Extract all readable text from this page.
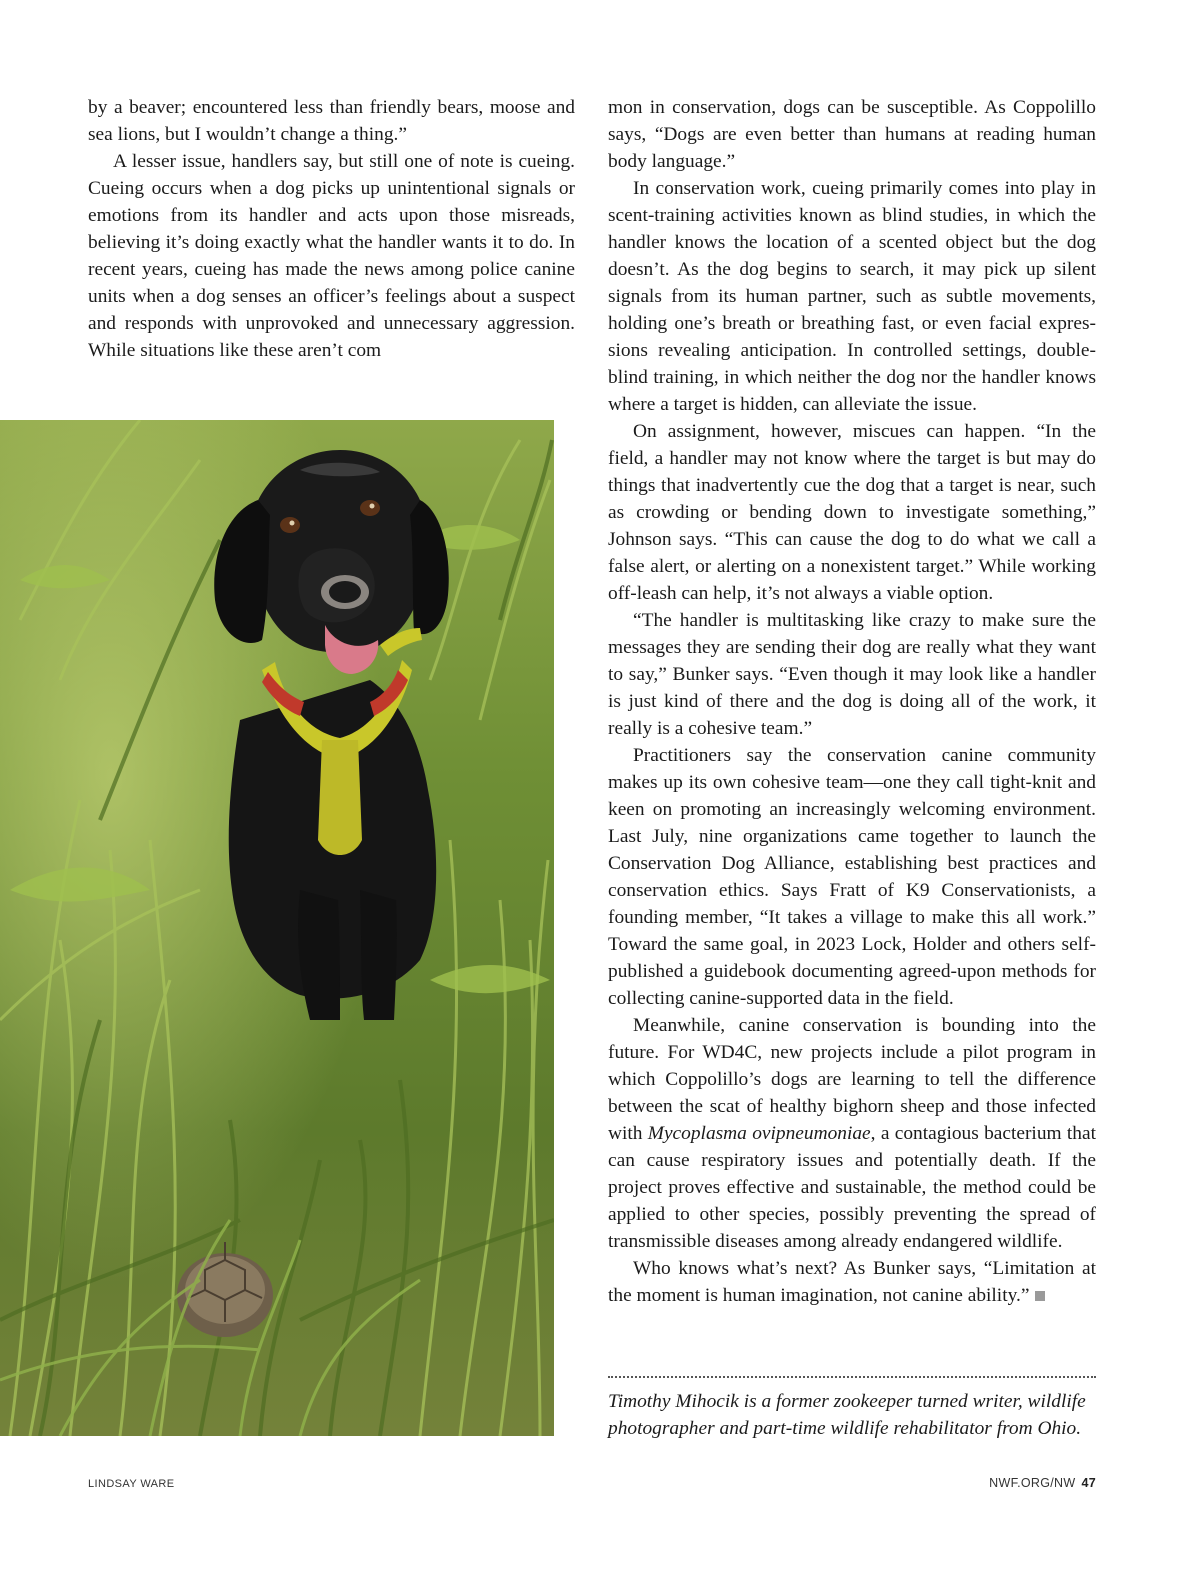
by a beaver; encountered less than friendly bears, moose and sea lions, but I wouldn’t change a thing.”

A lesser issue, handlers say, but still one of note is cueing. Cueing occurs when a dog picks up unintentional signals or emotions from its handler and acts upon those misreads, believing it’s doing exactly what the handler wants it to do. In recent years, cueing has made the news among police canine units when a dog senses an officer’s feelings about a suspect and responds with unprovoked and unnecessary aggression. While situations like these aren’t com

mon in conservation, dogs can be susceptible. As Coppolillo says, “Dogs are even better than humans at reading human body language.”

In conservation work, cueing primarily comes into play in scent-training activities known as blind studies, in which the handler knows the location of a scented object but the dog doesn’t. As the dog begins to search, it may pick up silent signals from its human partner, such as subtle movements, holding one’s breath or breathing fast, or even facial expressions revealing anticipation. In controlled settings, double-blind training, in which neither the dog nor the handler knows where a target is hidden, can alleviate the issue.

On assignment, however, miscues can happen. “In the field, a handler may not know where the target is but may do things that inadvertently cue the dog that a target is near, such as crowding or bending down to investigate something,” Johnson says. “This can cause the dog to do what we call a false alert, or alerting on a nonexistent target.” While working off-leash can help, it’s not always a viable option.

“The handler is multitasking like crazy to make sure the messages they are sending their dog are really what they want to say,” Bunker says. “Even though it may look like a handler is just kind of there and the dog is doing all of the work, it really is a cohesive team.”

Practitioners say the conservation canine community makes up its own cohesive team—one they call tight-knit and keen on promoting an increasingly welcoming environment. Last July, nine organizations came together to launch the Conservation Dog Alliance, establishing best practices and conservation ethics. Says Fratt of K9 Conservationists, a founding member, “It takes a village to make this all work.” Toward the same goal, in 2023 Lock, Holder and others self-published a guidebook documenting agreed-upon methods for collecting canine-supported data in the field.

Meanwhile, canine conservation is bounding into the future. For WD4C, new projects include a pilot program in which Coppolillo’s dogs are learning to tell the difference between the scat of healthy bighorn sheep and those infected with Mycoplasma ovipneumoniae, a contagious bacterium that can cause respiratory issues and potentially death. If the project proves effective and sustainable, the method could be applied to other species, possibly preventing the spread of transmissible diseases among already endangered wildlife.

Who knows what’s next? As Bunker says, “Limitation at the moment is human imagination, not canine ability.”

Timothy Mihocik is a former zookeeper turned writer, wildlife photographer and part-time wildlife rehabilitator from Ohio.

LINDSAY WARE	NWF.ORG/NW 47
